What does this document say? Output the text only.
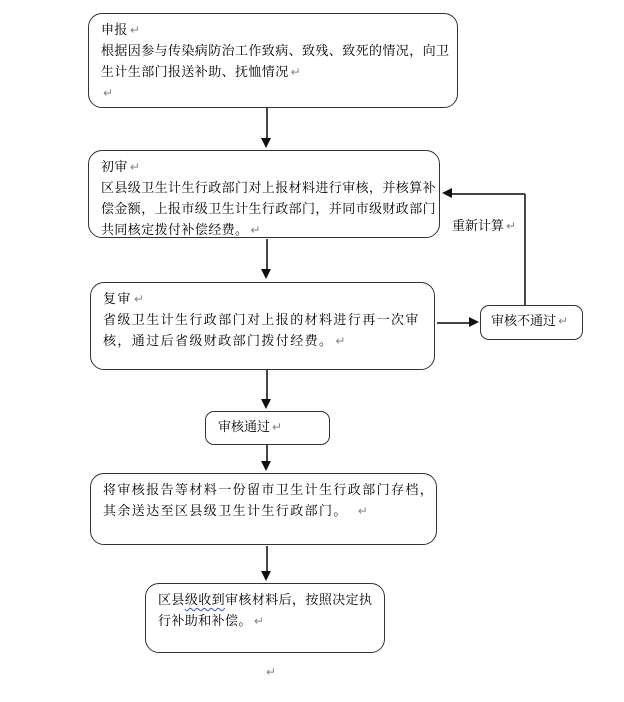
申报 ↵
根据因参与传染病防治工作致病、致残、致死的情况，向卫
生计生部门报送补助、抚恤情况 ↵
↵
初审 ↵
区县级卫生计生行政部门对上报材料进行审核，并核算补
偿金额，上报市级卫生计生行政部门，并同市级财政部门
共同核定拨付补偿经费。 ↵
复审 ↵
省级卫生计生行政部门对上报的材料进行再一次审
核，通过后省级财政部门拨付经费。 ↵
审核通过 ↵
将审核报告等材料一份留市卫生计生行政部门存档，
其余送达至区县级卫生计生行政部门。　 ↵
区县级收到审核材料后，按照决定执
行补助和补偿。 ↵
审核不通过 ↵
重新计算 ↵
↵
